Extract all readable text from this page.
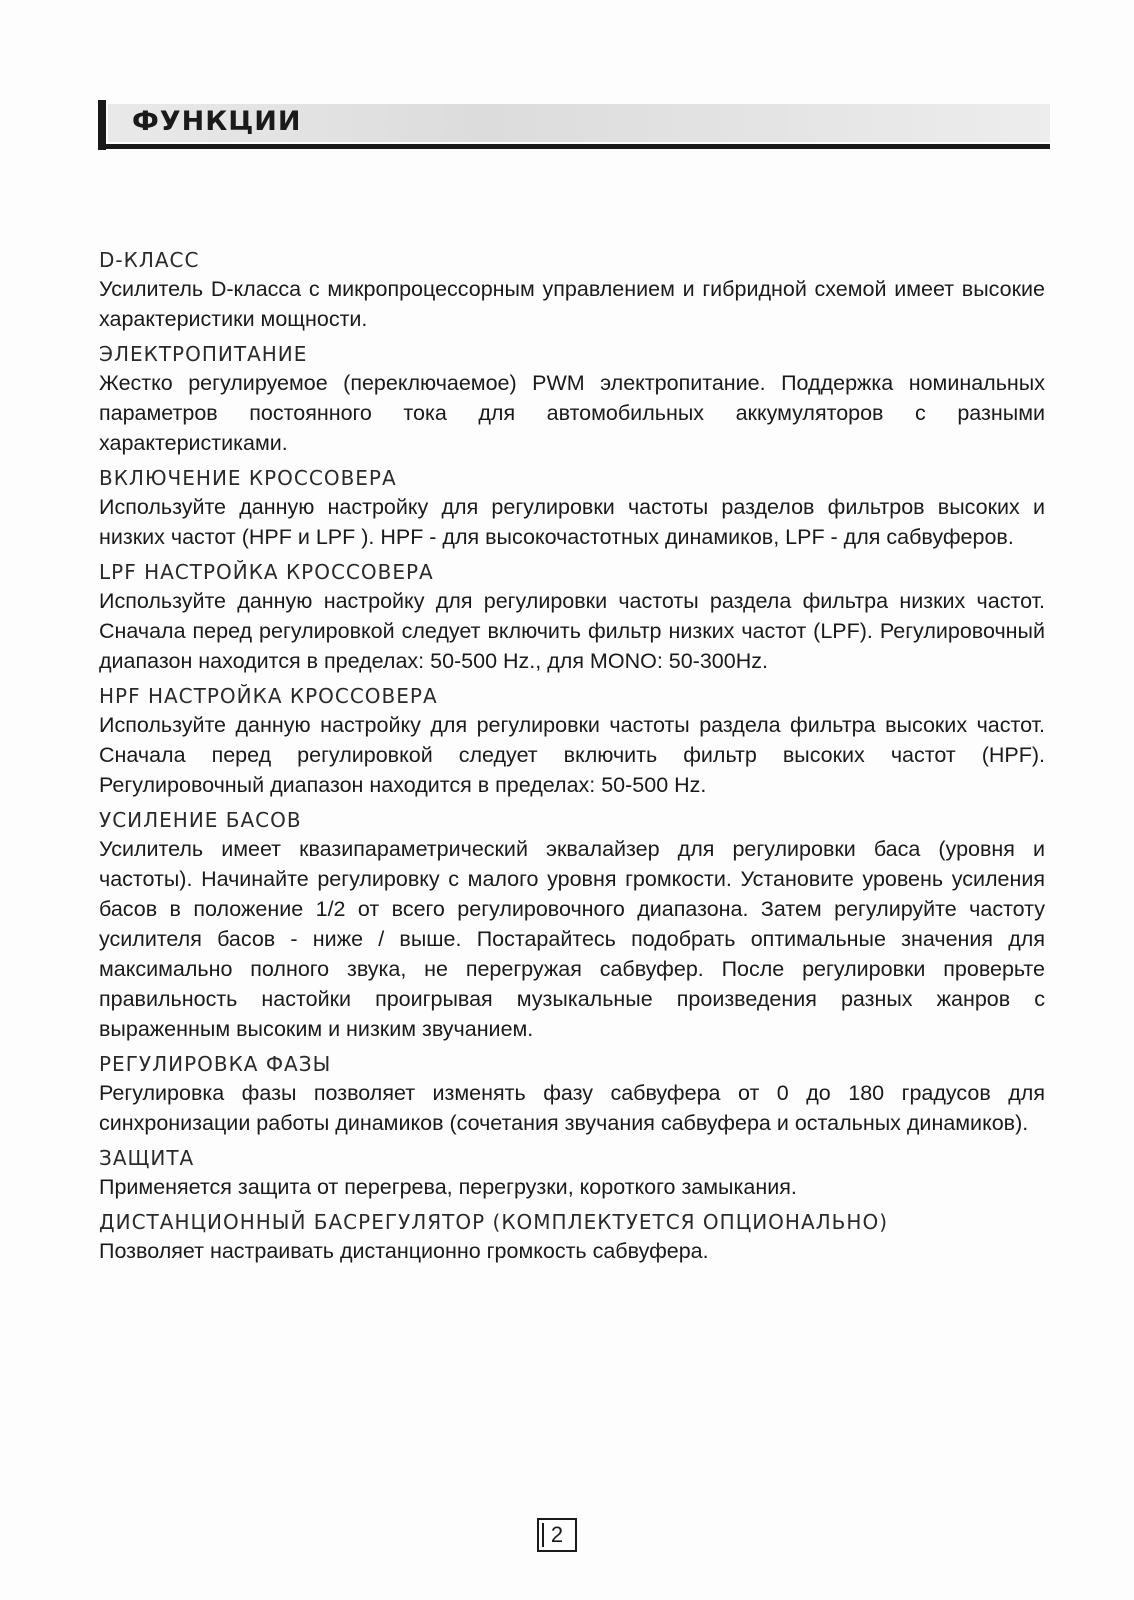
ФУНКЦИИ
D-КЛАСС
Усилитель D-класса с микропроцессорным управлением и гибридной схемой имеет высокие характеристики мощности.
ЭЛЕКТРОПИТАНИЕ
Жестко регулируемое (переключаемое) PWM электропитание. Поддержка номинальных параметров постоянного тока для автомобильных аккумуляторов с разными характеристиками.
ВКЛЮЧЕНИЕ КРОССОВЕРА
Используйте данную настройку для регулировки частоты разделов фильтров высоких и низких частот (HPF и LPF ). HPF - для высокочастотных динамиков, LPF - для сабвуферов.
LPF НАСТРОЙКА КРОССОВЕРА
Используйте данную настройку для регулировки частоты раздела фильтра низких частот. Сначала перед регулировкой следует включить фильтр низких частот (LPF). Регулировочный диапазон находится в пределах: 50-500 Hz., для MONO: 50-300Hz.
HPF НАСТРОЙКА КРОССОВЕРА
Используйте данную настройку для регулировки частоты раздела фильтра высоких частот. Сначала перед регулировкой следует включить фильтр высоких частот (HPF). Регулировочный диапазон находится в пределах: 50-500 Hz.
УСИЛЕНИЕ БАСОВ
Усилитель имеет квазипараметрический эквалайзер для регулировки баса (уровня и частоты). Начинайте регулировку с малого уровня громкости. Установите уровень усиления басов в положение 1/2 от всего регулировочного диапазона. Затем регулируйте частоту усилителя басов - ниже / выше. Постарайтесь подобрать оптимальные значения для максимально полного звука, не перегружая сабвуфер. После регулировки проверьте правильность настойки проигрывая музыкальные произведения разных жанров с выраженным высоким и низким звучанием.
РЕГУЛИРОВКА ФАЗЫ
Регулировка фазы позволяет изменять фазу сабвуфера от 0 до 180 градусов для синхронизации работы динамиков (сочетания звучания сабвуфера и остальных динамиков).
ЗАЩИТА
Применяется защита от перегрева, перегрузки, короткого замыкания.
ДИСТАНЦИОННЫЙ БАСРЕГУЛЯТОР (КОМПЛЕКТУЕТСЯ ОПЦИОНАЛЬНО)
Позволяет настраивать дистанционно громкость сабвуфера.
2
